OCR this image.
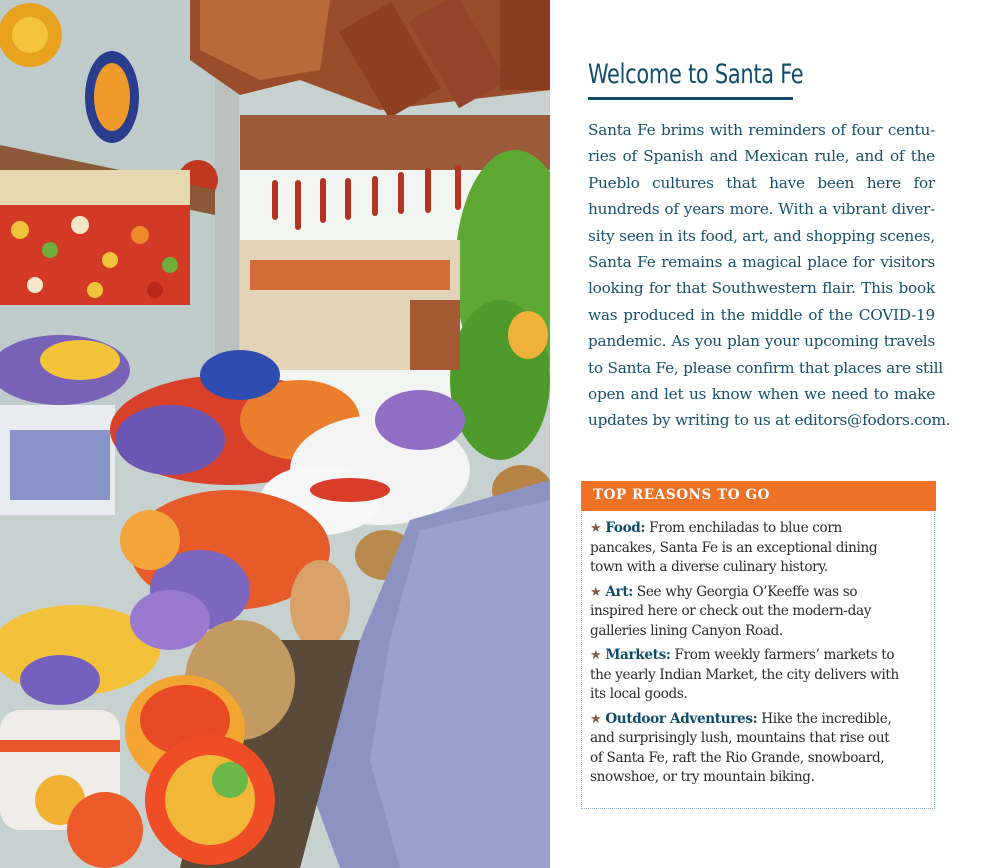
Welcome to Santa Fe
Santa Fe brims with reminders of four centu-
ries of Spanish and Mexican rule, and of the
Pueblo cultures that have been here for
hundreds of years more. With a vibrant diver-
sity seen in its food, art, and shopping scenes,
Santa Fe remains a magical place for visitors
looking for that Southwestern flair. This book
was produced in the middle of the COVID-19
pandemic. As you plan your upcoming travels
to Santa Fe, please confirm that places are still
open and let us know when we need to make
updates by writing to us at editors@fodors.com.
TOP REASONS TO GO
★ Food: From enchiladas to blue corn
pancakes, Santa Fe is an exceptional dining
town with a diverse culinary history.
★ Art: See why Georgia O’Keeffe was so
inspired here or check out the modern-day
galleries lining Canyon Road.
★ Markets: From weekly farmers’ markets to
the yearly Indian Market, the city delivers with
its local goods.
★ Outdoor Adventures: Hike the incredible,
and surprisingly lush, mountains that rise out
of Santa Fe, raft the Rio Grande, snowboard,
snowshoe, or try mountain biking.
